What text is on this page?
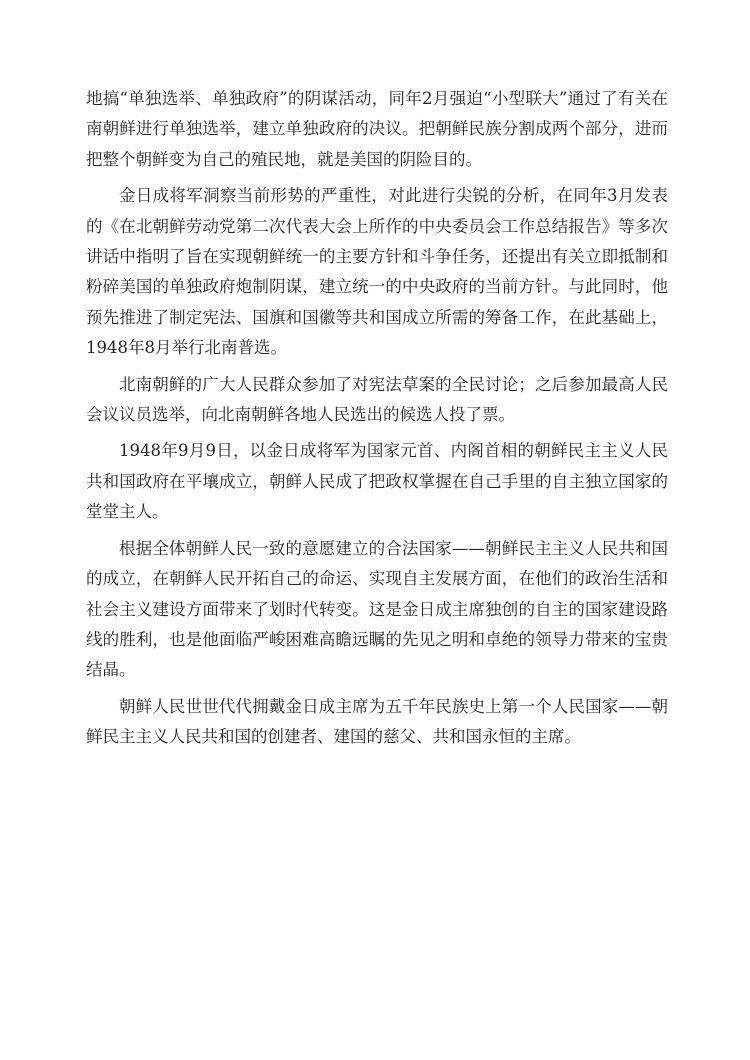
地搞“单独选举、单独政府”的阴谋活动，同年2月强迫“小型联大”通过了有关在南朝鲜进行单独选举，建立单独政府的决议。把朝鲜民族分割成两个部分，进而把整个朝鲜变为自己的殖民地，就是美国的阴险目的。

金日成将军洞察当前形势的严重性，对此进行尖锐的分析，在同年3月发表的《在北朝鲜劳动党第二次代表大会上所作的中央委员会工作总结报告》等多次讲话中指明了旨在实现朝鲜统一的主要方针和斗争任务，还提出有关立即抵制和粉碎美国的单独政府炮制阴谋，建立统一的中央政府的当前方针。与此同时，他预先推进了制定宪法、国旗和国徽等共和国成立所需的筹备工作，在此基础上，1948年8月举行北南普选。

北南朝鲜的广大人民群众参加了对宪法草案的全民讨论；之后参加最高人民会议议员选举，向北南朝鲜各地人民选出的候选人投了票。

1948年9月9日，以金日成将军为国家元首、内阁首相的朝鲜民主主义人民共和国政府在平壤成立，朝鲜人民成了把政权掌握在自己手里的自主独立国家的堂堂主人。

根据全体朝鲜人民一致的意愿建立的合法国家——朝鲜民主主义人民共和国的成立，在朝鲜人民开拓自己的命运、实现自主发展方面，在他们的政治生活和社会主义建设方面带来了划时代转变。这是金日成主席独创的自主的国家建设路线的胜利，也是他面临严峻困难高瞻远瞩的先见之明和卓绝的领导力带来的宝贵结晶。

朝鲜人民世世代代拥戴金日成主席为五千年民族史上第一个人民国家——朝鲜民主主义人民共和国的创建者、建国的慈父、共和国永恒的主席。
